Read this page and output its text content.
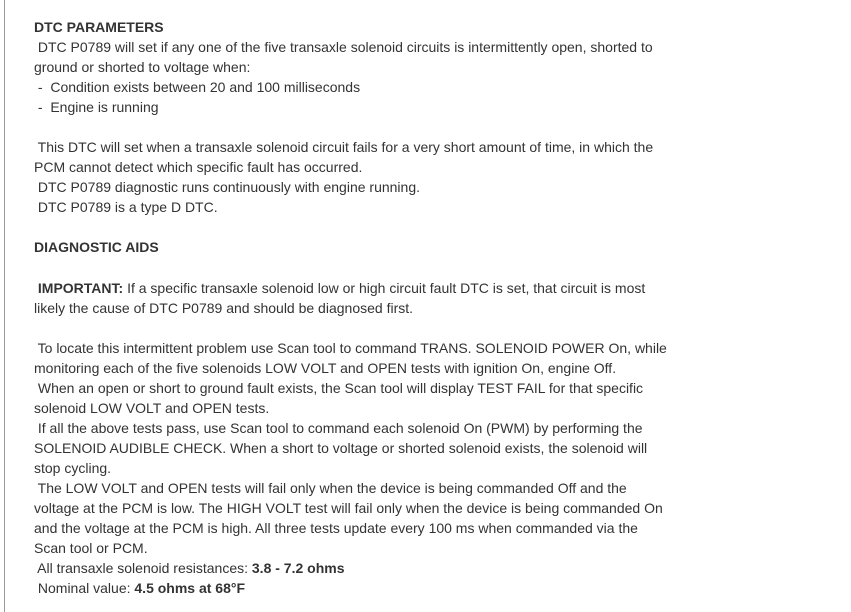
DTC PARAMETERS
DTC P0789 will set if any one of the five transaxle solenoid circuits is intermittently open, shorted to
ground or shorted to voltage when:
-  Condition exists between 20 and 100 milliseconds
-  Engine is running
This DTC will set when a transaxle solenoid circuit fails for a very short amount of time, in which the
PCM cannot detect which specific fault has occurred.
DTC P0789 diagnostic runs continuously with engine running.
DTC P0789 is a type D DTC.
DIAGNOSTIC AIDS
IMPORTANT: If a specific transaxle solenoid low or high circuit fault DTC is set, that circuit is most
likely the cause of DTC P0789 and should be diagnosed first.
To locate this intermittent problem use Scan tool to command TRANS. SOLENOID POWER On, while
monitoring each of the five solenoids LOW VOLT and OPEN tests with ignition On, engine Off.
When an open or short to ground fault exists, the Scan tool will display TEST FAIL for that specific
solenoid LOW VOLT and OPEN tests.
If all the above tests pass, use Scan tool to command each solenoid On (PWM) by performing the
SOLENOID AUDIBLE CHECK. When a short to voltage or shorted solenoid exists, the solenoid will
stop cycling.
The LOW VOLT and OPEN tests will fail only when the device is being commanded Off and the
voltage at the PCM is low. The HIGH VOLT test will fail only when the device is being commanded On
and the voltage at the PCM is high. All three tests update every 100 ms when commanded via the
Scan tool or PCM.
All transaxle solenoid resistances: 3.8 - 7.2 ohms
Nominal value: 4.5 ohms at 68°F
